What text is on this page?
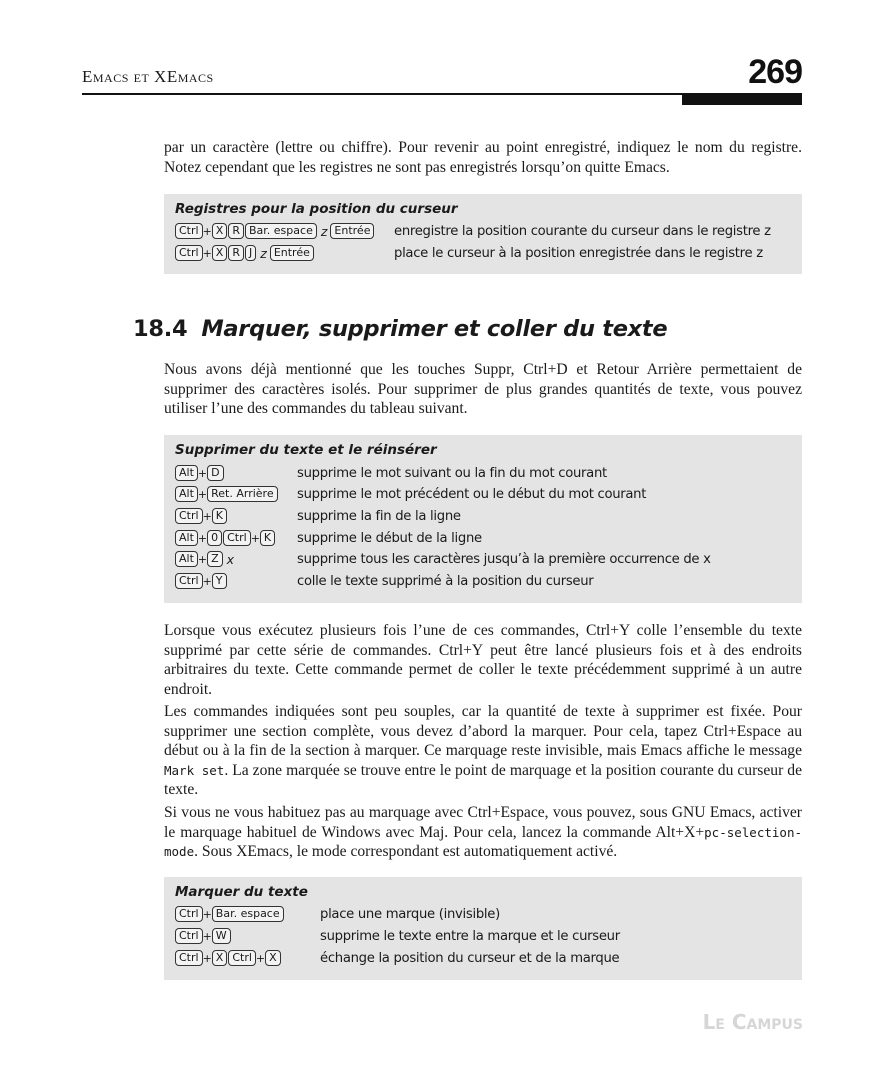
Emacs et XEmacs	269
par un caractère (lettre ou chiffre). Pour revenir au point enregistré, indiquez le nom du registre. Notez cependant que les registres ne sont pas enregistrés lorsqu’on quitte Emacs.
Registres pour la position du curseur
Ctrl + X R Bar. espace z Entrée	enregistre la position courante du curseur dans le registre z
Ctrl + X R J z Entrée	place le curseur à la position enregistrée dans le registre z
18.4 Marquer, supprimer et coller du texte
Nous avons déjà mentionné que les touches Suppr, Ctrl+D et Retour Arrière permettaient de supprimer des caractères isolés. Pour supprimer de plus grandes quantités de texte, vous pouvez utiliser l’une des commandes du tableau suivant.
Supprimer du texte et le réinsérer
Alt + D	supprime le mot suivant ou la fin du mot courant
Alt + Ret. Arrière	supprime le mot précédent ou le début du mot courant
Ctrl + K	supprime la fin de la ligne
Alt + 0 Ctrl + K	supprime le début de la ligne
Alt + Z x	supprime tous les caractères jusqu’à la première occurrence de x
Ctrl + Y	colle le texte supprimé à la position du curseur
Lorsque vous exécutez plusieurs fois l’une de ces commandes, Ctrl+Y colle l’ensemble du texte supprimé par cette série de commandes. Ctrl+Y peut être lancé plusieurs fois et à des endroits arbitraires du texte. Cette commande permet de coller le texte précédemment supprimé à un autre endroit.
Les commandes indiquées sont peu souples, car la quantité de texte à supprimer est fixée. Pour supprimer une section complète, vous devez d’abord la marquer. Pour cela, tapez Ctrl+Espace au début ou à la fin de la section à marquer. Ce marquage reste invisible, mais Emacs affiche le message Mark set. La zone marquée se trouve entre le point de marquage et la position courante du curseur de texte.
Si vous ne vous habituez pas au marquage avec Ctrl+Espace, vous pouvez, sous GNU Emacs, activer le marquage habituel de Windows avec Maj. Pour cela, lancez la commande Alt+X+pc-selection-mode. Sous XEmacs, le mode correspondant est automatiquement activé.
Marquer du texte
Ctrl + Bar. espace	place une marque (invisible)
Ctrl + W	supprime le texte entre la marque et le curseur
Ctrl + X Ctrl + X	échange la position du curseur et de la marque
Le Campus
